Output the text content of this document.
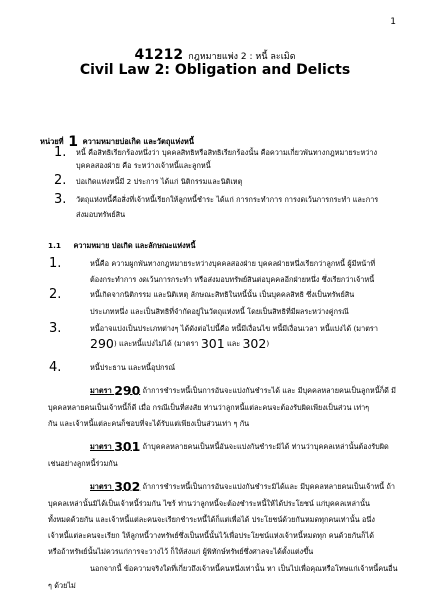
1
41212 กฎหมายแพ่ง 2 : หนี้ ละเมิด
Civil Law 2: Obligation and Delicts
หน่วยที่ 1 ความหมายบ่อเกิด และวัตถุแห่งหนี้
1. หนี้ คือสิทธิเรียกร้องหนึ่งว่า บุคคลสิทธิหรือสิทธิเรียกร้องนั้น คือความเกี่ยวพันทางกฎหมายระหว่าง
บุคคลสองฝ่าย คือ ระหว่างเจ้าหนี้และลูกหนี้
2. บ่อเกิดแห่งหนี้มี 2 ประการ ได้แก่ นิติกรรมและนิติเหตุ
3. วัตถุแห่งหนี้คือสิ่งที่เจ้าหนี้เรียกให้ลูกหนี้ชำระ ได้แก่ การกระทำการ การงดเว้นการกระทำ และการ
ส่งมอบทรัพย์สิน
1.1 ความหมาย บ่อเกิด และลักษณะแห่งหนี้
1.	หนี้คือ ความผูกพันทางกฎหมายระหว่างบุคคลสองฝ่าย บุคคลฝ่ายหนึ่งเรียกว่าลูกหนี้ ผู้มีหน้าที่
ต้องกระทำการ งดเว้นการกระทำ หรือส่งมอบทรัพย์สินต่อบุคคลอีกฝ่ายหนึ่ง ซึ่งเรียกว่าเจ้าหนี้
2.	หนี้เกิดจากนิติกรรม และนิติเหตุ ลักษณะสิทธิในหนี้นั้น เป็นบุคคลสิทธิ ซึ่งเป็นทรัพย์สิน
ประเภทหนึ่ง และเป็นสิทธิที่จำกัดอยู่ในวัตถุแห่งหนี้ โดยเป็นสิทธิที่มีผลระหว่างคู่กรณี
3.	หนี้อาจแบ่งเป็นประเภทต่างๆ ได้ดังต่อไปนี้คือ หนี้มีเงื่อนไข หนี้มีเงื่อนเวลา หนี้แบ่งได้ (มาตรา
290) และหนี้แบ่งไม่ได้ (มาตรา 301 และ 302)
4.	หนี้ประธาน และหนี้อุปกรณ์
มาตรา 290 ถ้าการชำระหนี้เป็นการอันจะแบ่งกันชำระได้ และ มีบุคคลหลายคนเป็นลูกหนี้ก็ดี มี
บุคคลหลายคนเป็นเจ้าหนี้ก็ดี เมื่อ กรณีเป็นที่สงสัย ท่านว่าลูกหนี้แต่ละคนจะต้องรับผิดเพียงเป็นส่วน เท่าๆ
กัน และเจ้าหนี้แต่ละคนก็ชอบที่จะได้รับแต่เพียงเป็นส่วนเท่า ๆ กัน
มาตรา 301 ถ้าบุคคลหลายคนเป็นหนี้อันจะแบ่งกันชำระมิได้ ท่านว่าบุคคลเหล่านั้นต้องรับผิด
เช่นอย่างลูกหนี้ร่วมกัน
มาตรา 302 ถ้าการชำระหนี้เป็นการอันจะแบ่งกันชำระมิได้และ มีบุคคลหลายคนเป็นเจ้าหนี้ ถ้า
บุคคลเหล่านั้นมิได้เป็นเจ้าหนี้ร่วมกัน ไซร้ ท่านว่าลูกหนี้จะต้องชำระหนี้ให้ได้ประโยชน์ แก่บุคคลเหล่านั้น
ทั้งหมดด้วยกัน และเจ้าหนี้แต่ละคนจะเรียกชำระหนี้ได้ก็แต่เพื่อได้ ประโยชน์ด้วยกันหมดทุกคนเท่านั้น อนึ่ง
เจ้าหนี้แต่ละคนจะเรียก ให้ลูกหนี้วางทรัพย์ซึ่งเป็นหนี้นั้นไว้เพื่อประโยชน์แห่งเจ้าหนี้หมดทุก คนด้วยกันก็ได้
หรือถ้าทรัพย์นั้นไม่ควรแก่การจะวางไว้ ก็ให้ส่งแก่ ผู้พิทักษ์ทรัพย์ซึ่งศาลจะได้ตั้งแต่งขึ้น
นอกจากนี้ ข้อความจริงใดที่เกี่ยวถึงเจ้าหนี้คนหนึ่งเท่านั้น หา เป็นไปเพื่อคุณหรือโทษแก่เจ้าหนี้คนอื่น
ๆ ด้วยไม่
